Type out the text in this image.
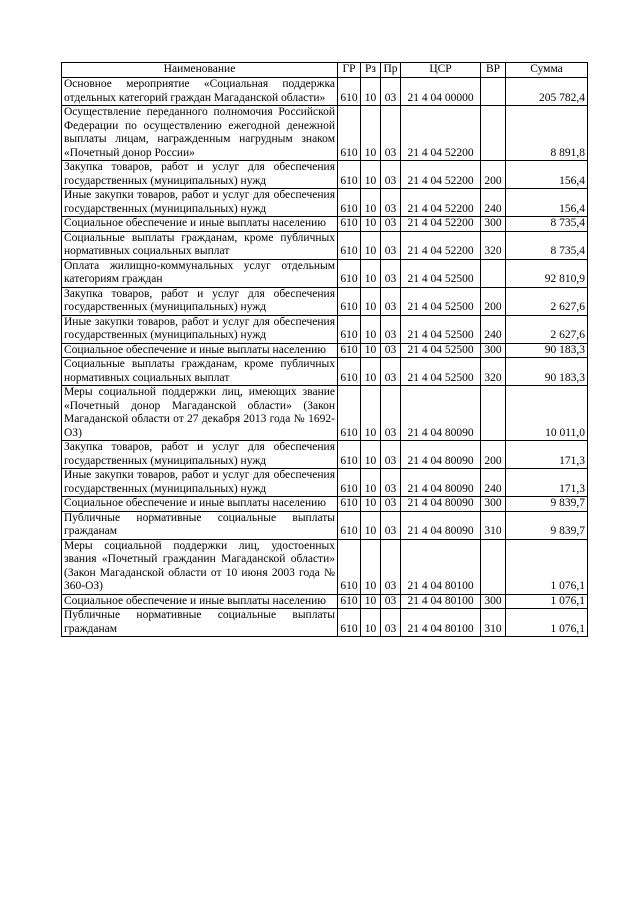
Наименование	ГР	Рз	Пр	ЦСР	ВР	Сумма
Основное мероприятие «Социальная поддержка отдельных категорий граждан Магаданской области»	610	10	03	21 4 04 00000		205 782,4
Осуществление переданного полномочия Российской Федерации по осуществлению ежегодной денежной выплаты лицам, награжденным нагрудным знаком «Почетный донор России»	610	10	03	21 4 04 52200		8 891,8
Закупка товаров, работ и услуг для обеспечения государственных (муниципальных) нужд	610	10	03	21 4 04 52200	200	156,4
Иные закупки товаров, работ и услуг для обеспечения государственных (муниципальных) нужд	610	10	03	21 4 04 52200	240	156,4
Социальное обеспечение и иные выплаты населению	610	10	03	21 4 04 52200	300	8 735,4
Социальные выплаты гражданам, кроме публичных нормативных социальных выплат	610	10	03	21 4 04 52200	320	8 735,4
Оплата жилищно-коммунальных услуг отдельным категориям граждан	610	10	03	21 4 04 52500		92 810,9
Закупка товаров, работ и услуг для обеспечения государственных (муниципальных) нужд	610	10	03	21 4 04 52500	200	2 627,6
Иные закупки товаров, работ и услуг для обеспечения государственных (муниципальных) нужд	610	10	03	21 4 04 52500	240	2 627,6
Социальное обеспечение и иные выплаты населению	610	10	03	21 4 04 52500	300	90 183,3
Социальные выплаты гражданам, кроме публичных нормативных социальных выплат	610	10	03	21 4 04 52500	320	90 183,3
Меры социальной поддержки лиц, имеющих звание «Почетный донор Магаданской области» (Закон Магаданской области от 27 декабря 2013 года № 1692-ОЗ)	610	10	03	21 4 04 80090		10 011,0
Закупка товаров, работ и услуг для обеспечения государственных (муниципальных) нужд	610	10	03	21 4 04 80090	200	171,3
Иные закупки товаров, работ и услуг для обеспечения государственных (муниципальных) нужд	610	10	03	21 4 04 80090	240	171,3
Социальное обеспечение и иные выплаты населению	610	10	03	21 4 04 80090	300	9 839,7
Публичные нормативные социальные выплаты гражданам	610	10	03	21 4 04 80090	310	9 839,7
Меры социальной поддержки лиц, удостоенных звания «Почетный гражданин Магаданской области» (Закон Магаданской области от 10 июня 2003 года № 360-ОЗ)	610	10	03	21 4 04 80100		1 076,1
Социальное обеспечение и иные выплаты населению	610	10	03	21 4 04 80100	300	1 076,1
Публичные нормативные социальные выплаты гражданам	610	10	03	21 4 04 80100	310	1 076,1
